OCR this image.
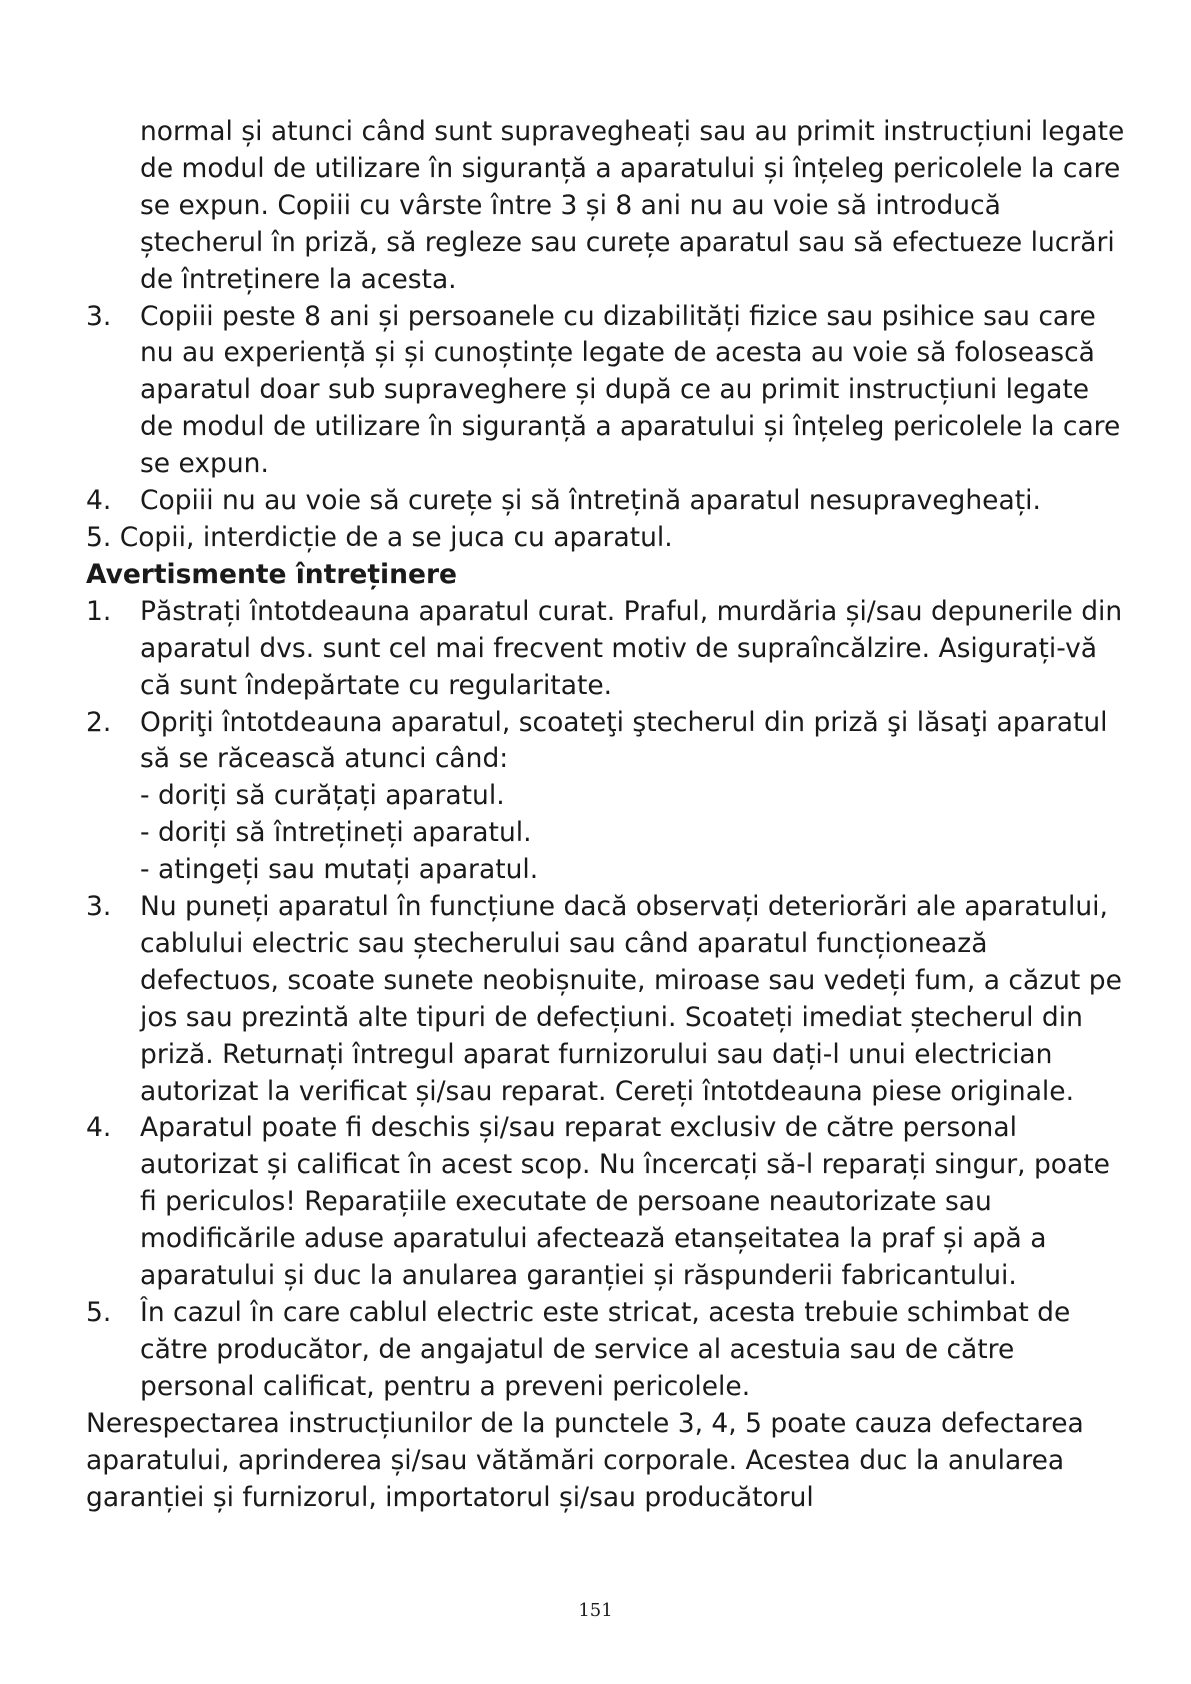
normal și atunci când sunt supravegheați sau au primit instrucțiuni legate de modul de utilizare în siguranță a aparatului și înțeleg pericolele la care se expun. Copiii cu vârste între 3 și 8 ani nu au voie să introducă ștecherul în priză, să regleze sau curețe aparatul sau să efectueze lucrări de întreținere la acesta.

3. Copiii peste 8 ani și persoanele cu dizabilități fizice sau psihice sau care nu au experiență și și cunoștințe legate de acesta au voie să folosească aparatul doar sub supraveghere și după ce au primit instrucțiuni legate de modul de utilizare în siguranță a aparatului și înțeleg pericolele la care se expun.
4. Copiii nu au voie să curețe și să întrețină aparatul nesupravegheați.

5. Copii, interdicție de a se juca cu aparatul.

Avertismente întreținere

1. Păstrați întotdeauna aparatul curat. Praful, murdăria și/sau depunerile din aparatul dvs. sunt cel mai frecvent motiv de supraîncălzire. Asigurați-vă că sunt îndepărtate cu regularitate.
2. Opriţi întotdeauna aparatul, scoateţi ştecherul din priză şi lăsaţi aparatul să se răcească atunci când:
- doriți să curățați aparatul.
- doriți să întrețineți aparatul.
- atingeți sau mutați aparatul.
3. Nu puneți aparatul în funcțiune dacă observați deteriorări ale aparatului, cablului electric sau ștecherului sau când aparatul funcționează defectuos, scoate sunete neobișnuite, miroase sau vedeți fum, a căzut pe jos sau prezintă alte tipuri de defecțiuni. Scoateți imediat ștecherul din priză. Returnați întregul aparat furnizorului sau dați-l unui electrician autorizat la verificat și/sau reparat. Cereți întotdeauna piese originale.
4. Aparatul poate fi deschis și/sau reparat exclusiv de către personal autorizat și calificat în acest scop. Nu încercați să-l reparați singur, poate fi periculos! Reparațiile executate de persoane neautorizate sau modificările aduse aparatului afectează etanșeitatea la praf și apă a aparatului și duc la anularea garanției și răspunderii fabricantului.
5. În cazul în care cablul electric este stricat, acesta trebuie schimbat de către producător, de angajatul de service al acestuia sau de către personal calificat, pentru a preveni pericolele.

Nerespectarea instrucțiunilor de la punctele 3, 4, 5 poate cauza defectarea aparatului, aprinderea și/sau vătămări corporale. Acestea duc la anularea garanției și furnizorul, importatorul și/sau producătorul

151
